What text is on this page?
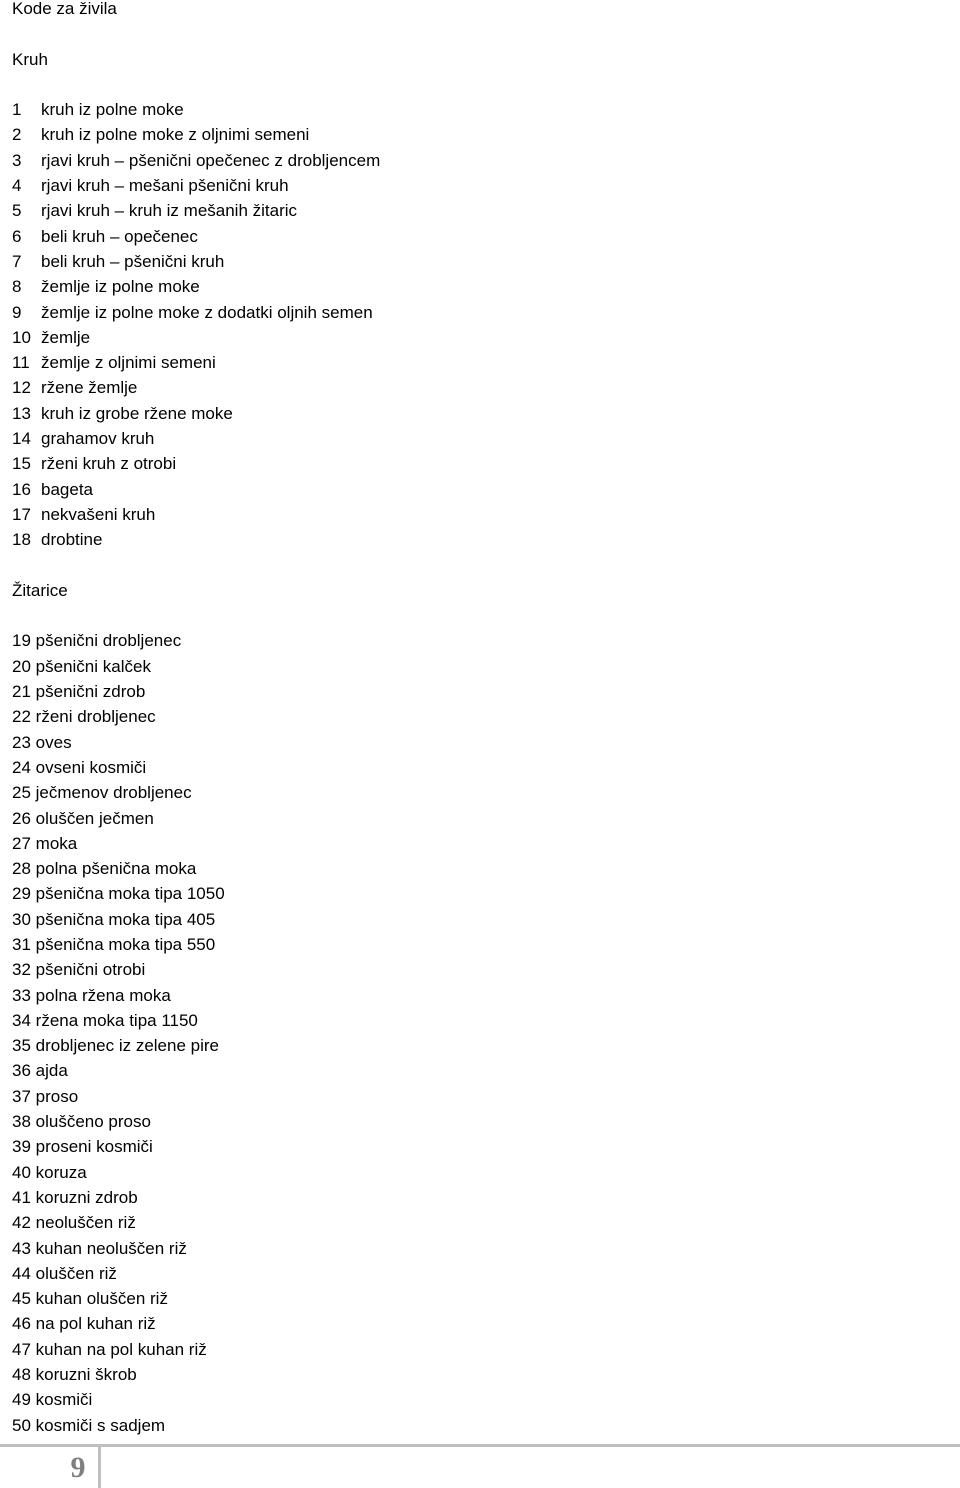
Kode za živila
Kruh
1	kruh iz polne moke
2	kruh iz polne moke z oljnimi semeni
3	rjavi kruh – pšenični opečenec z drobljencem
4	rjavi kruh – mešani pšenični kruh
5	rjavi kruh – kruh iz mešanih žitaric
6	beli kruh – opečenec
7	beli kruh – pšenični kruh
8	žemlje iz polne moke
9	žemlje iz polne moke z dodatki oljnih semen
10 žemlje
11 žemlje z oljnimi semeni
12 ržene žemlje
13 kruh iz grobe ržene moke
14 grahamov kruh
15 rženi kruh z otrobi
16 bageta
17 nekvašeni kruh
18 drobtine
Žitarice
19 pšenični drobljenec
20 pšenični kalček
21 pšenični zdrob
22 rženi drobljenec
23 oves
24 ovseni kosmiči
25 ječmenov drobljenec
26 oluščen ječmen
27 moka
28 polna pšenična moka
29 pšenična moka tipa 1050
30 pšenična moka tipa 405
31 pšenična moka tipa 550
32 pšenični otrobi
33 polna ržena moka
34 ržena moka tipa 1150
35 drobljenec iz zelene pire
36 ajda
37 proso
38 oluščeno proso
39 proseni kosmiči
40 koruza
41 koruzni zdrob
42 neoluščen riž
43 kuhan neoluščen riž
44 oluščen riž
45 kuhan oluščen riž
46 na pol kuhan riž
47 kuhan na pol kuhan riž
48 koruzni škrob
49 kosmiči
50 kosmiči s sadjem
9
